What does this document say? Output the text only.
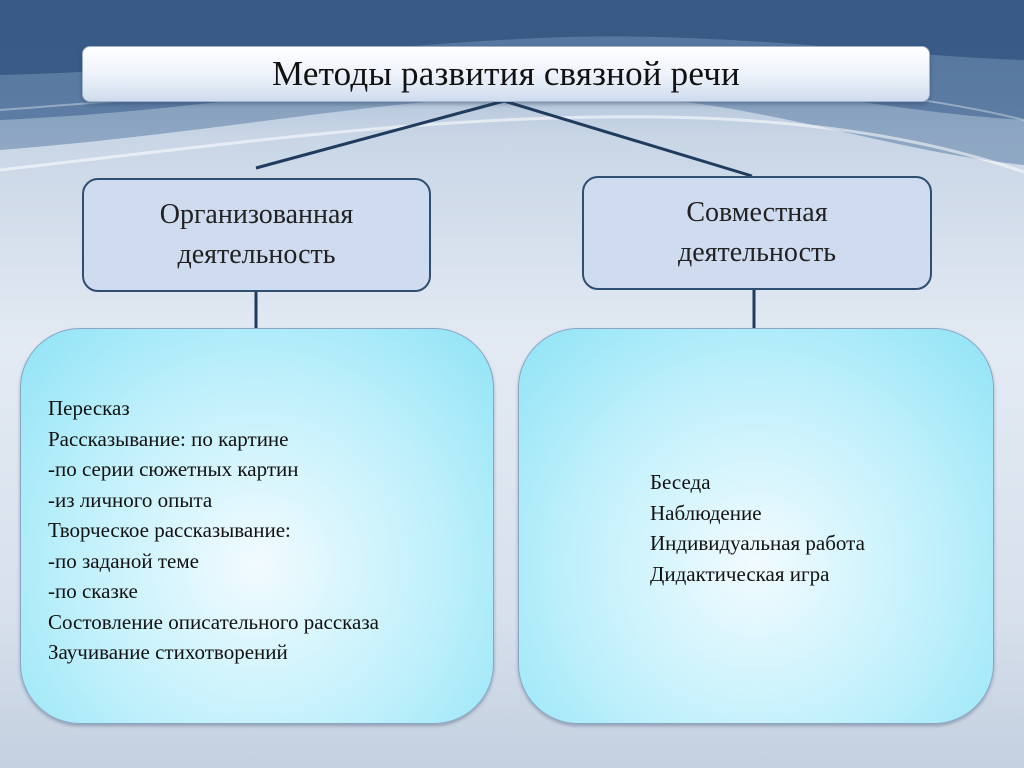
Методы развития связной речи
Организованная
деятельность
Совместная
деятельность
Пересказ
Рассказывание: по картине
-по серии сюжетных картин
-из личного опыта
Творческое рассказывание:
-по заданой теме
-по сказке
Состовление описательного рассказа
Заучивание стихотворений
Беседа
Наблюдение
Индивидуальная работа
Дидактическая игра
